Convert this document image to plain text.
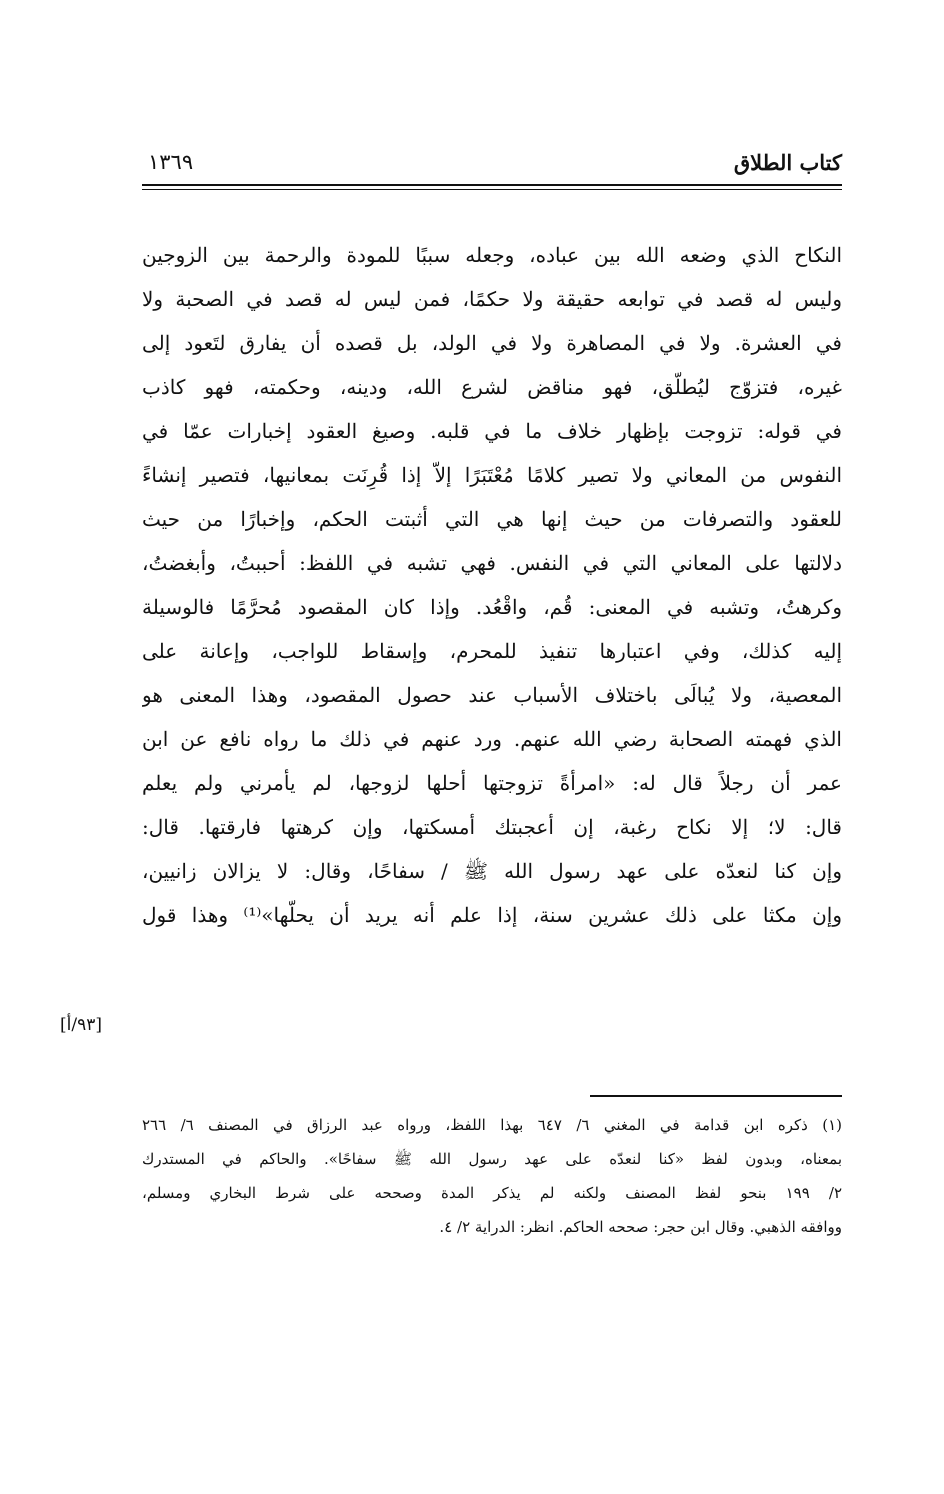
كتاب الطلاق
١٣٦٩
النكاح الذي وضعه الله بين عباده، وجعله سببًا للمودة والرحمة بين الزوجين
وليس له قصد في توابعه حقيقة ولا حكمًا، فمن ليس له قصد في الصحبة ولا
في العشرة. ولا في المصاهرة ولا في الولد، بل قصده أن يفارق لتَعود إلى
غيره، فتزوّج ليُطلّق، فهو مناقض لشرع الله، ودينه، وحكمته، فهو كاذب
في قوله: تزوجت بإظهار خلاف ما في قلبه. وصيغ العقود إخبارات عمّا في
النفوس من المعاني ولا تصير كلامًا مُعْتَبَرًا إلاّ إذا قُرِنَت بمعانيها، فتصير إنشاءً
للعقود والتصرفات من حيث إنها هي التي أثبتت الحكم، وإخبارًا من حيث
دلالتها على المعاني التي في النفس. فهي تشبه في اللفظ: أحببتُ، وأبغضتُ،
وكرهتُ، وتشبه في المعنى: قُم، واقْعُد. وإذا كان المقصود مُحرَّمًا فالوسيلة
إليه كذلك، وفي اعتبارها تنفيذ للمحرم، وإسقاط للواجب، وإعانة على
المعصية، ولا يُبالَى باختلاف الأسباب عند حصول المقصود، وهذا المعنى هو
الذي فهمته الصحابة رضي الله عنهم. ورد عنهم في ذلك ما رواه نافع عن ابن
عمر أن رجلاً قال له: «امرأةً تزوجتها أحلها لزوجها، لم يأمرني ولم يعلم
قال: لا؛ إلا نكاح رغبة، إن أعجبتك أمسكتها، وإن كرهتها فارقتها. قال:
وإن كنا لنعدّه على عهد رسول الله ﷺ / سفاحًا، وقال: لا يزالان زانيين،
وإن مكثا على ذلك عشرين سنة، إذا علم أنه يريد أن يحلّها»⁽¹⁾ وهذا قول
[٩٣/أ]
(١) ذكره ابن قدامة في المغني ٦/ ٦٤٧ بهذا اللفظ، ورواه عبد الرزاق في المصنف ٦/ ٢٦٦
بمعناه، وبدون لفظ «كنا لنعدّه على عهد رسول الله ﷺ سفاحًا». والحاكم في المستدرك
٢/ ١٩٩ بنحو لفظ المصنف ولكنه لم يذكر المدة وصححه على شرط البخاري ومسلم،
ووافقه الذهبي. وقال ابن حجر: صححه الحاكم. انظر: الدراية ٢/ ٤.
